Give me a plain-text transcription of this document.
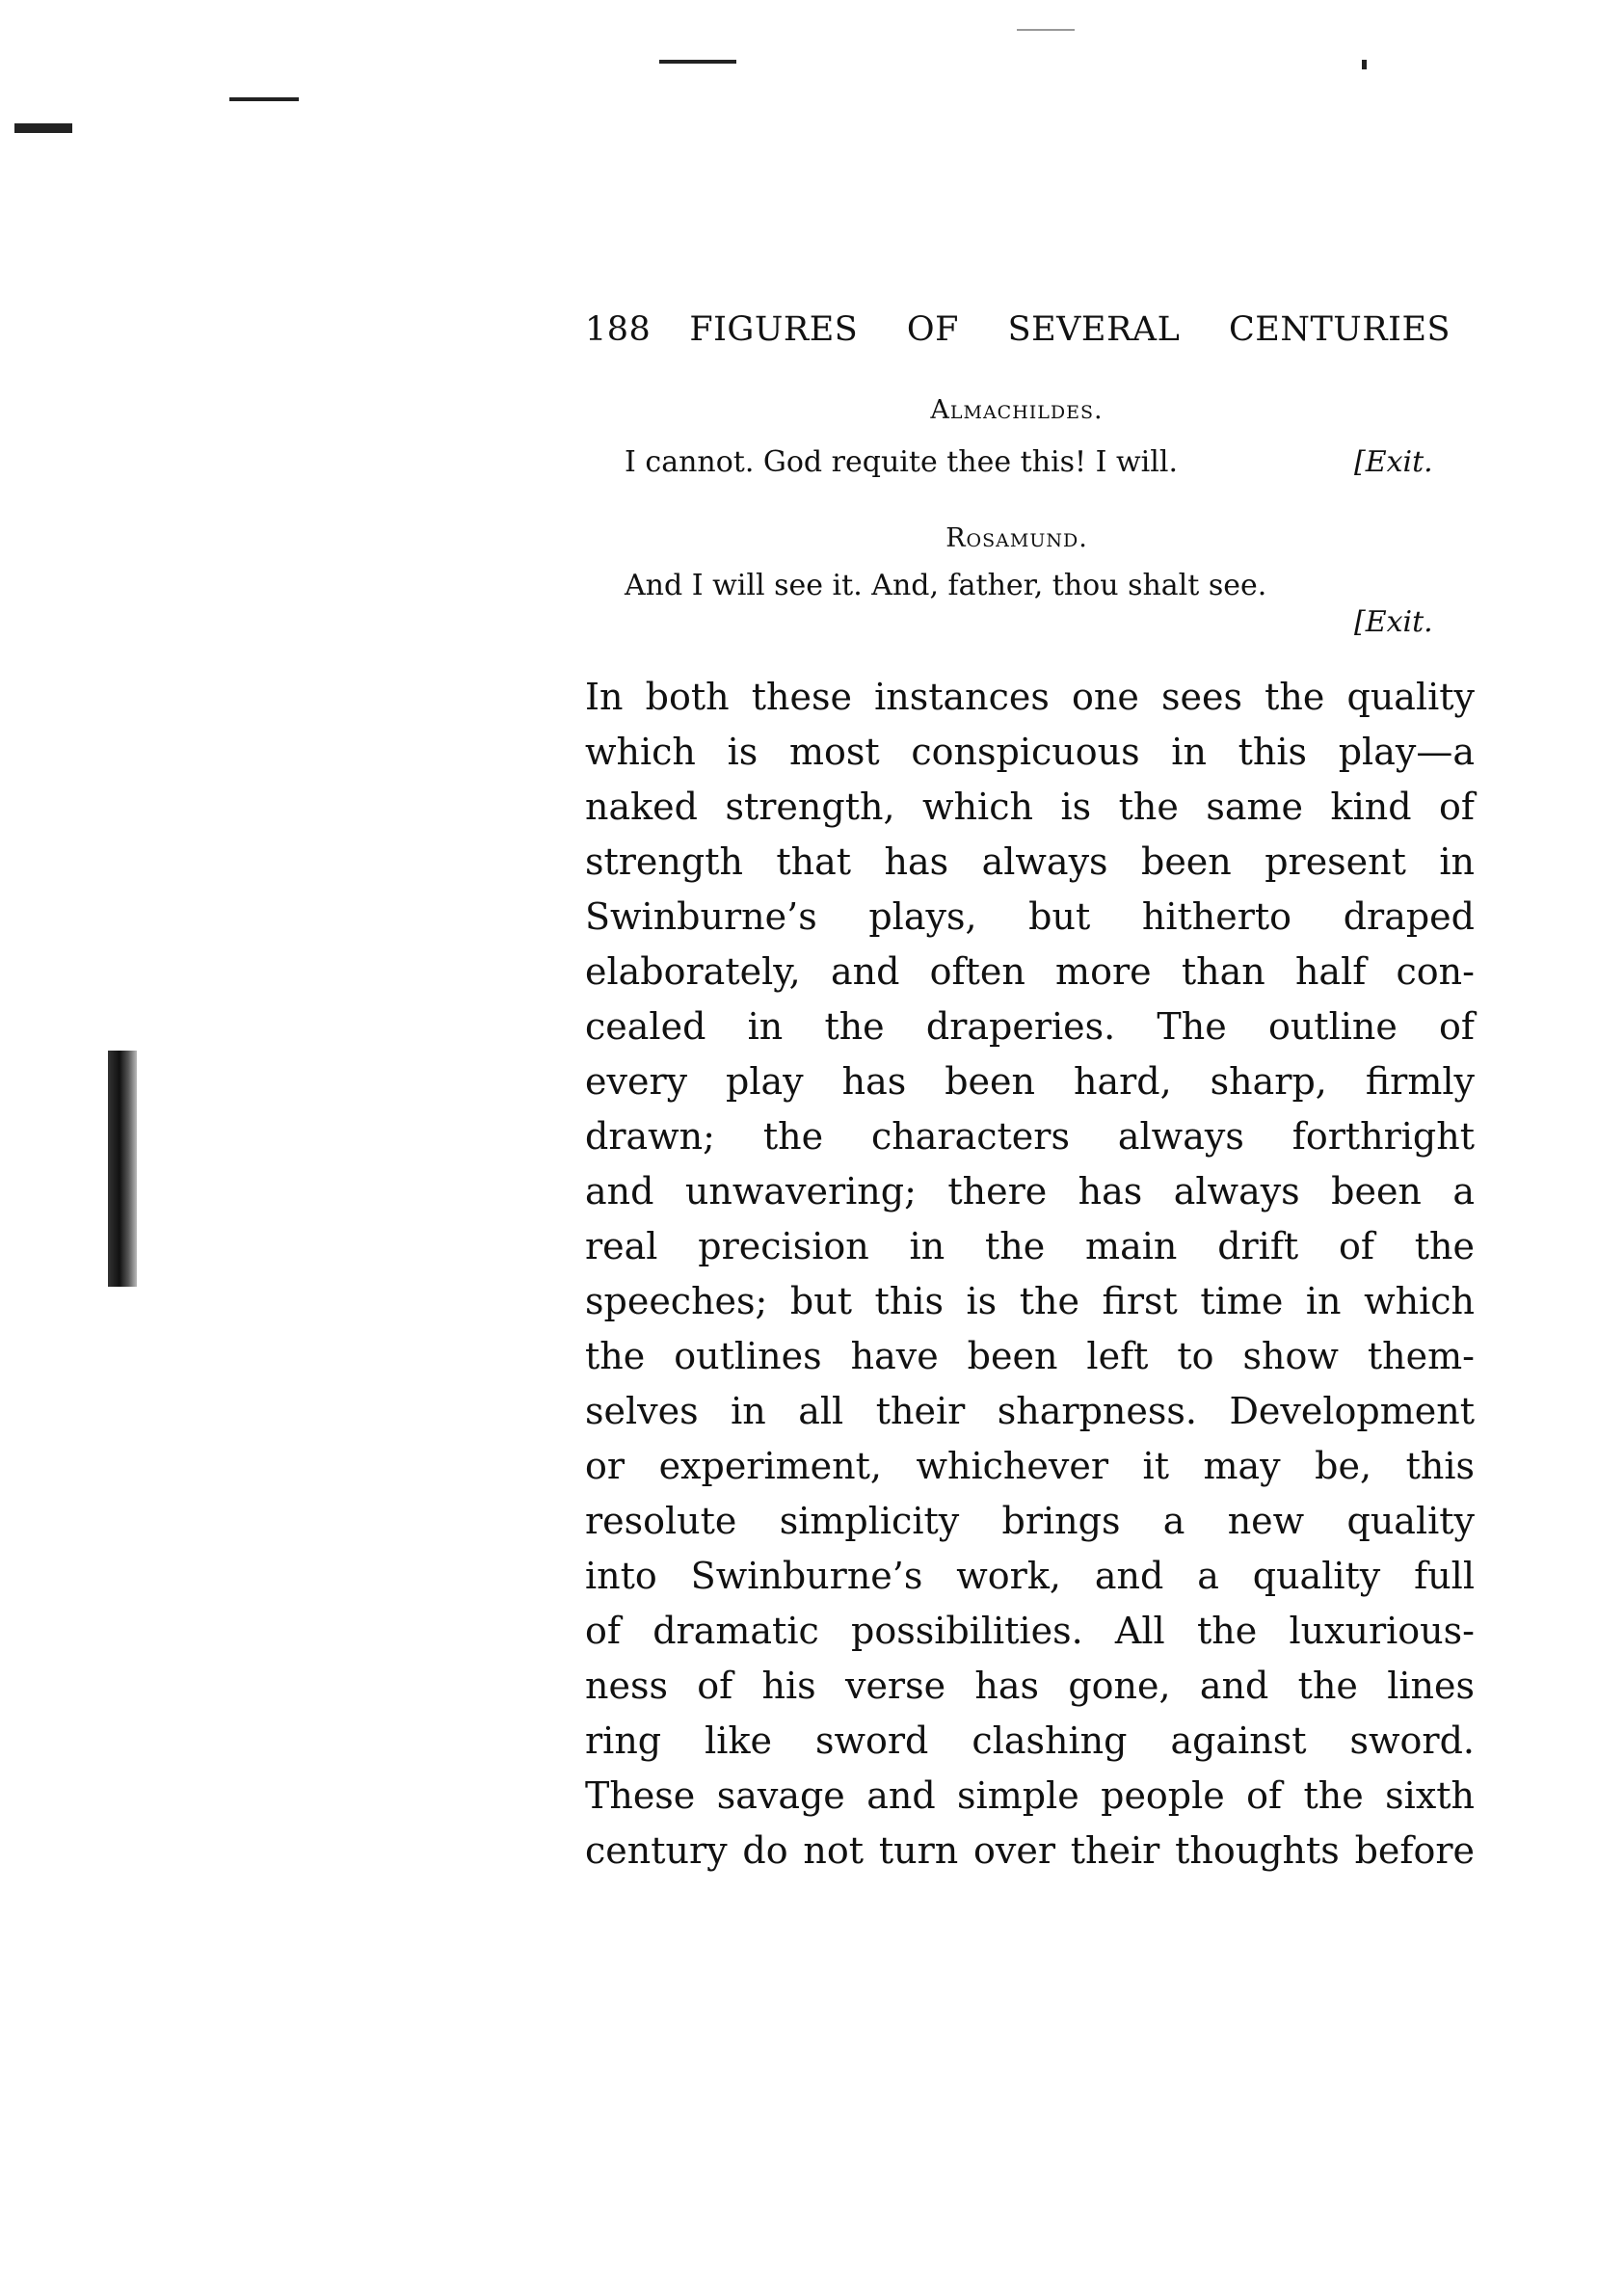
188 FIGURES OF SEVERAL CENTURIES
Almachildes.
I cannot. God requite thee this! I will.	[Exit.
Rosamund.
And I will see it. And, father, thou shalt see.
[Exit.
In both these instances one sees the quality
which is most conspicuous in this play—a
naked strength, which is the same kind of
strength that has always been present in
Swinburne’s plays, but hitherto draped
elaborately, and often more than half con-
cealed in the draperies. The outline of
every play has been hard, sharp, firmly
drawn; the characters always forthright
and unwavering; there has always been a
real precision in the main drift of the
speeches; but this is the first time in which
the outlines have been left to show them-
selves in all their sharpness. Development
or experiment, whichever it may be, this
resolute simplicity brings a new quality
into Swinburne’s work, and a quality full
of dramatic possibilities. All the luxurious-
ness of his verse has gone, and the lines
ring like sword clashing against sword.
These savage and simple people of the sixth
century do not turn over their thoughts before
